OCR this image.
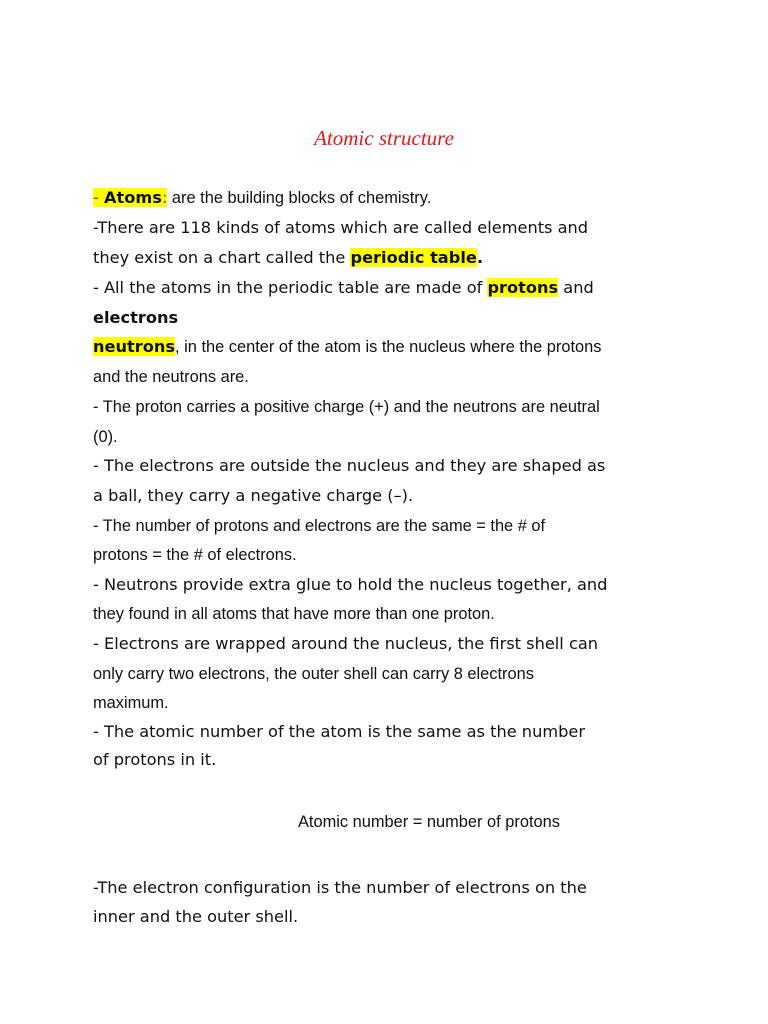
Atomic structure
- Atoms: are the building blocks of chemistry.
-There are 118 kinds of atoms which are called elements and
they exist on a chart called the periodic table.
- All the atoms in the periodic table are made of protons and
electrons
neutrons, in the center of the atom is the nucleus where the protons
and the neutrons are.
- The proton carries a positive charge (+) and the neutrons are neutral
(0).
- The electrons are outside the nucleus and they are shaped as
a ball, they carry a negative charge (–).
- The number of protons and electrons are the same = the # of
protons = the # of electrons.
- Neutrons provide extra glue to hold the nucleus together, and
they found in all atoms that have more than one proton.
- Electrons are wrapped around the nucleus, the first shell can
only carry two electrons, the outer shell can carry 8 electrons
maximum.
- The atomic number of the atom is the same as the number
of protons in it.
Atomic number = number of protons
-The electron configuration is the number of electrons on the
inner and the outer shell.
